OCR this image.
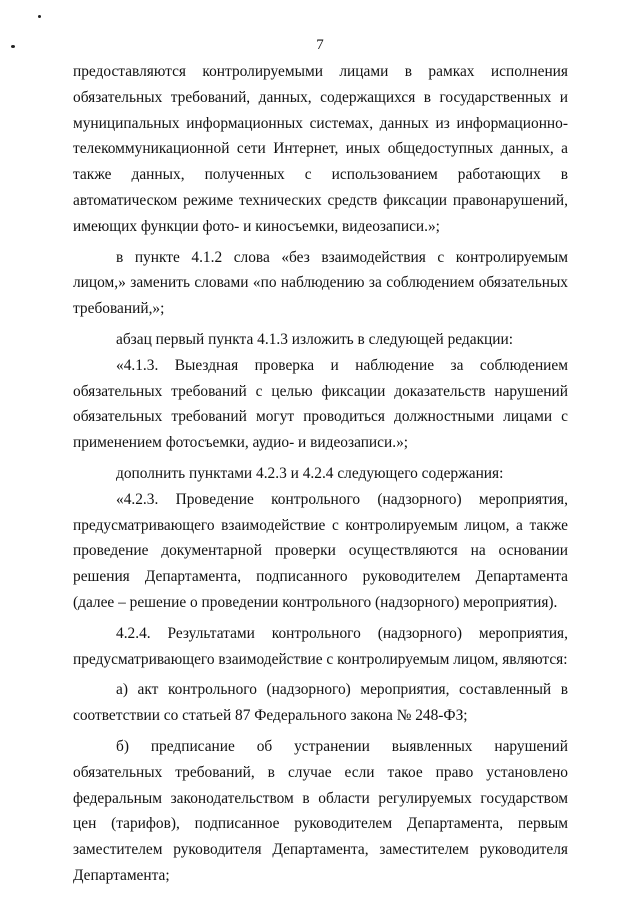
7

предоставляются контролируемыми лицами в рамках исполнения обязательных требований, данных, содержащихся в государственных и муниципальных информационных системах, данных из информационно-телекоммуникационной сети Интернет, иных общедоступных данных, а также данных, полученных с использованием работающих в автоматическом режиме технических средств фиксации правонарушений, имеющих функции фото- и киносъемки, видеозаписи.»;

в пункте 4.1.2 слова «без взаимодействия с контролируемым лицом,» заменить словами «по наблюдению за соблюдением обязательных требований,»;

абзац первый пункта 4.1.3 изложить в следующей редакции:

«4.1.3. Выездная проверка и наблюдение за соблюдением обязательных требований с целью фиксации доказательств нарушений обязательных требований могут проводиться должностными лицами с применением фотосъемки, аудио- и видеозаписи.»;

дополнить пунктами 4.2.3 и 4.2.4 следующего содержания:

«4.2.3. Проведение контрольного (надзорного) мероприятия, предусматривающего взаимодействие с контролируемым лицом, а также проведение документарной проверки осуществляются на основании решения Департамента, подписанного руководителем Департамента (далее – решение о проведении контрольного (надзорного) мероприятия).

4.2.4. Результатами контрольного (надзорного) мероприятия, предусматривающего взаимодействие с контролируемым лицом, являются:

а) акт контрольного (надзорного) мероприятия, составленный в соответствии со статьей 87 Федерального закона № 248-ФЗ;

б) предписание об устранении выявленных нарушений обязательных требований, в случае если такое право установлено федеральным законодательством в области регулируемых государством цен (тарифов), подписанное руководителем Департамента, первым заместителем руководителя Департамента, заместителем руководителя Департамента;
